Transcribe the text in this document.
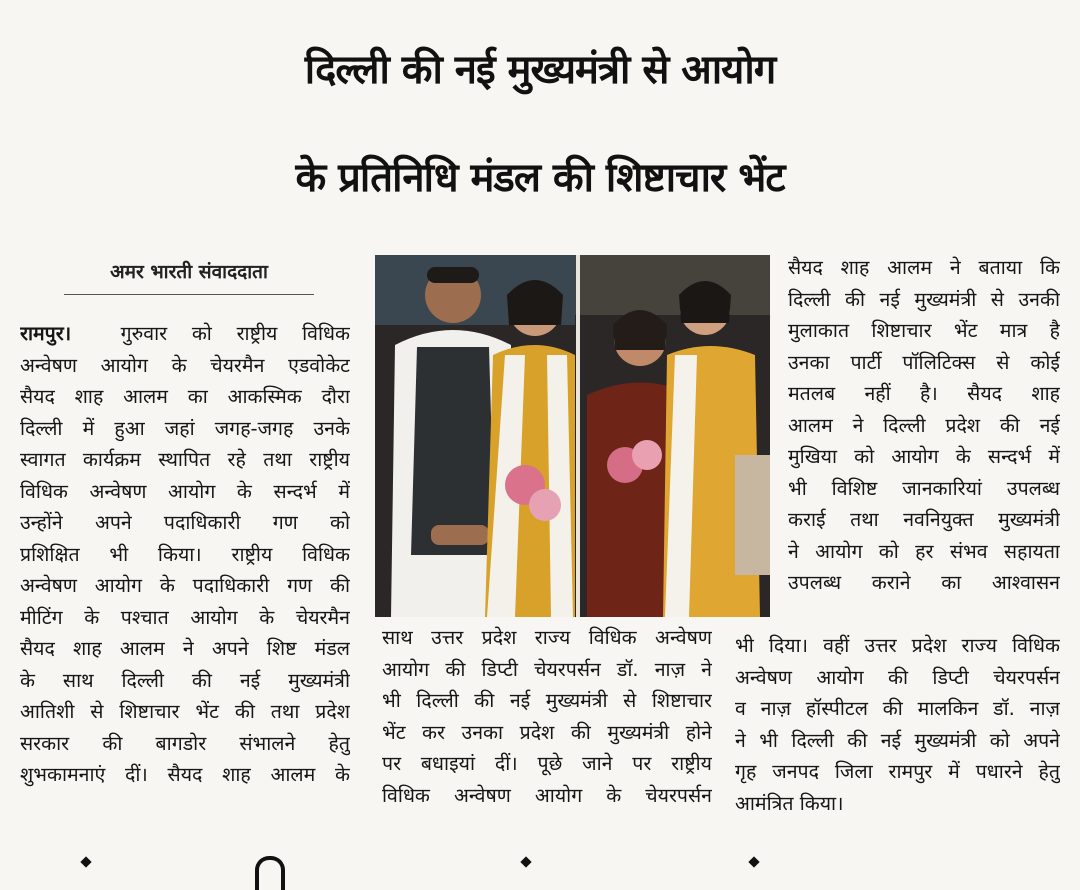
दिल्ली की नई मुख्यमंत्री से आयोग
के प्रतिनिधि मंडल की शिष्टाचार भेंट
अमर भारती संवाददाता
रामपुर।	गुरुवार को राष्ट्रीय विधिक
अन्वेषण आयोग के चेयरमैन एडवोकेट
सैयद शाह आलम का आकस्मिक दौरा
दिल्ली में हुआ जहां जगह-जगह उनके
स्वागत कार्यक्रम स्थापित रहे तथा राष्ट्रीय
विधिक अन्वेषण आयोग के सन्दर्भ में
उन्होंने अपने पदाधिकारी गण को
प्रशिक्षित भी किया। राष्ट्रीय विधिक
अन्वेषण आयोग के पदाधिकारी गण की
मीटिंग के पश्चात आयोग के चेयरमैन
सैयद शाह आलम ने अपने शिष्ट मंडल
के साथ दिल्ली की नई मुख्यमंत्री
आतिशी से शिष्टाचार भेंट की तथा प्रदेश
सरकार की बागडोर संभालने हेतु
शुभकामनाएं दीं। सैयद शाह आलम के
साथ उत्तर प्रदेश राज्य विधिक अन्वेषण
आयोग की डिप्टी चेयरपर्सन डॉ. नाज़ ने
भी दिल्ली की नई मुख्यमंत्री से शिष्टाचार
भेंट कर उनका प्रदेश की मुख्यमंत्री होने
पर बधाइयां दीं। पूछे जाने पर राष्ट्रीय
विधिक अन्वेषण आयोग के चेयरपर्सन
सैयद शाह आलम ने बताया कि
दिल्ली की नई मुख्यमंत्री से उनकी
मुलाकात शिष्टाचार भेंट मात्र है
उनका पार्टी पॉलिटिक्स से कोई
मतलब नहीं है। सैयद शाह
आलम ने दिल्ली प्रदेश की नई
मुखिया को आयोग के सन्दर्भ में
भी विशिष्ट जानकारियां उपलब्ध
कराई तथा नवनियुक्त मुख्यमंत्री
ने आयोग को हर संभव सहायता
उपलब्ध कराने का आश्वासन
भी दिया। वहीं उत्तर प्रदेश राज्य विधिक
अन्वेषण आयोग की डिप्टी चेयरपर्सन
व नाज़ हॉस्पीटल की मालकिन डॉ. नाज़
ने भी दिल्ली की नई मुख्यमंत्री को अपने
गृह जनपद जिला रामपुर में पधारने हेतु
आमंत्रित किया।
